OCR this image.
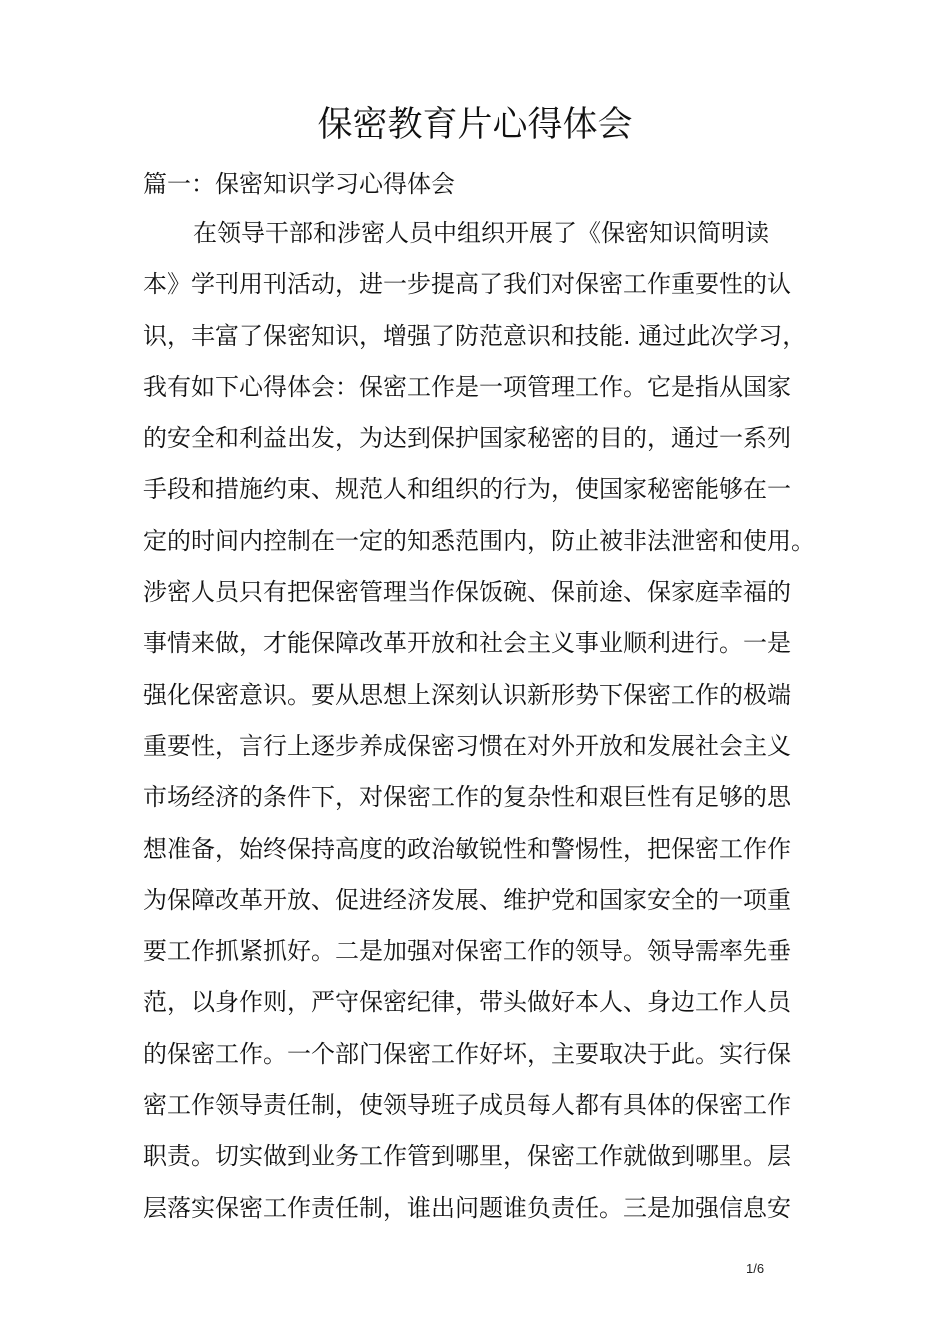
保密教育片心得体会
篇一：保密知识学习心得体会
在领导干部和涉密人员中组织开展了《保密知识简明读
本》学刊用刊活动，进一步提高了我们对保密工作重要性的认
识，丰富了保密知识，增强了防范意识和技能. 通过此次学习，
我有如下心得体会：保密工作是一项管理工作。它是指从国家
的安全和利益出发，为达到保护国家秘密的目的，通过一系列
手段和措施约束、规范人和组织的行为，使国家秘密能够在一
定的时间内控制在一定的知悉范围内，防止被非法泄密和使用。
涉密人员只有把保密管理当作保饭碗、保前途、保家庭幸福的
事情来做，才能保障改革开放和社会主义事业顺利进行。一是
强化保密意识。要从思想上深刻认识新形势下保密工作的极端
重要性，言行上逐步养成保密习惯在对外开放和发展社会主义
市场经济的条件下，对保密工作的复杂性和艰巨性有足够的思
想准备，始终保持高度的政治敏锐性和警惕性，把保密工作作
为保障改革开放、促进经济发展、维护党和国家安全的一项重
要工作抓紧抓好。二是加强对保密工作的领导。领导需率先垂
范，以身作则，严守保密纪律，带头做好本人、身边工作人员
的保密工作。一个部门保密工作好坏，主要取决于此。实行保
密工作领导责任制，使领导班子成员每人都有具体的保密工作
职责。切实做到业务工作管到哪里，保密工作就做到哪里。层
层落实保密工作责任制，谁出问题谁负责任。三是加强信息安
1/6
